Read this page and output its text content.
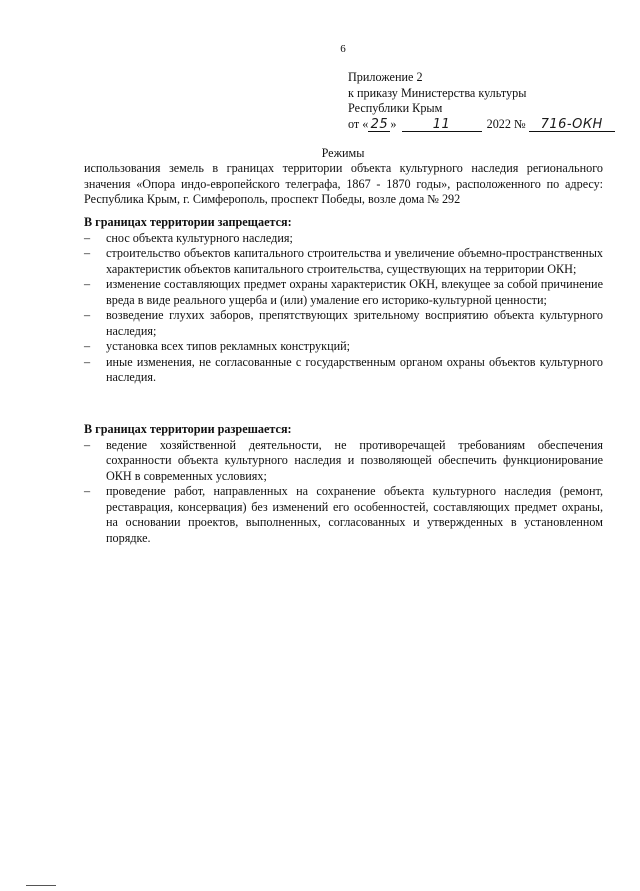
6
Приложение 2
к приказу Министерства культуры
Республики Крым
от « 25 »	11	2022 № 716-ОКН
Режимы
использования земель в границах территории объекта культурного наследия регионального значения «Опора индо-европейского телеграфа, 1867 - 1870 годы», расположенного по адресу: Республика Крым, г. Симферополь, проспект Победы, возле дома № 292

В границах территории запрещается:

– снос объекта культурного наследия;
– строительство объектов капитального строительства и увеличение объемно-пространственных характеристик объектов капитального строительства, существующих на территории ОКН;
– изменение составляющих предмет охраны характеристик ОКН, влекущее за собой причинение вреда в виде реального ущерба и (или) умаление его историко-культурной ценности;
– возведение глухих заборов, препятствующих зрительному восприятию объекта культурного наследия;
– установка всех типов рекламных конструкций;
– иные изменения, не согласованные с государственным органом охраны объектов культурного наследия.

В границах территории разрешается:

– ведение хозяйственной деятельности, не противоречащей требованиям обеспечения сохранности объекта культурного наследия и позволяющей обеспечить функционирование ОКН в современных условиях;
– проведение работ, направленных на сохранение объекта культурного наследия (ремонт, реставрация, консервация) без изменений его особенностей, составляющих предмет охраны, на основании проектов, выполненных, согласованных и утвержденных в установленном порядке.
